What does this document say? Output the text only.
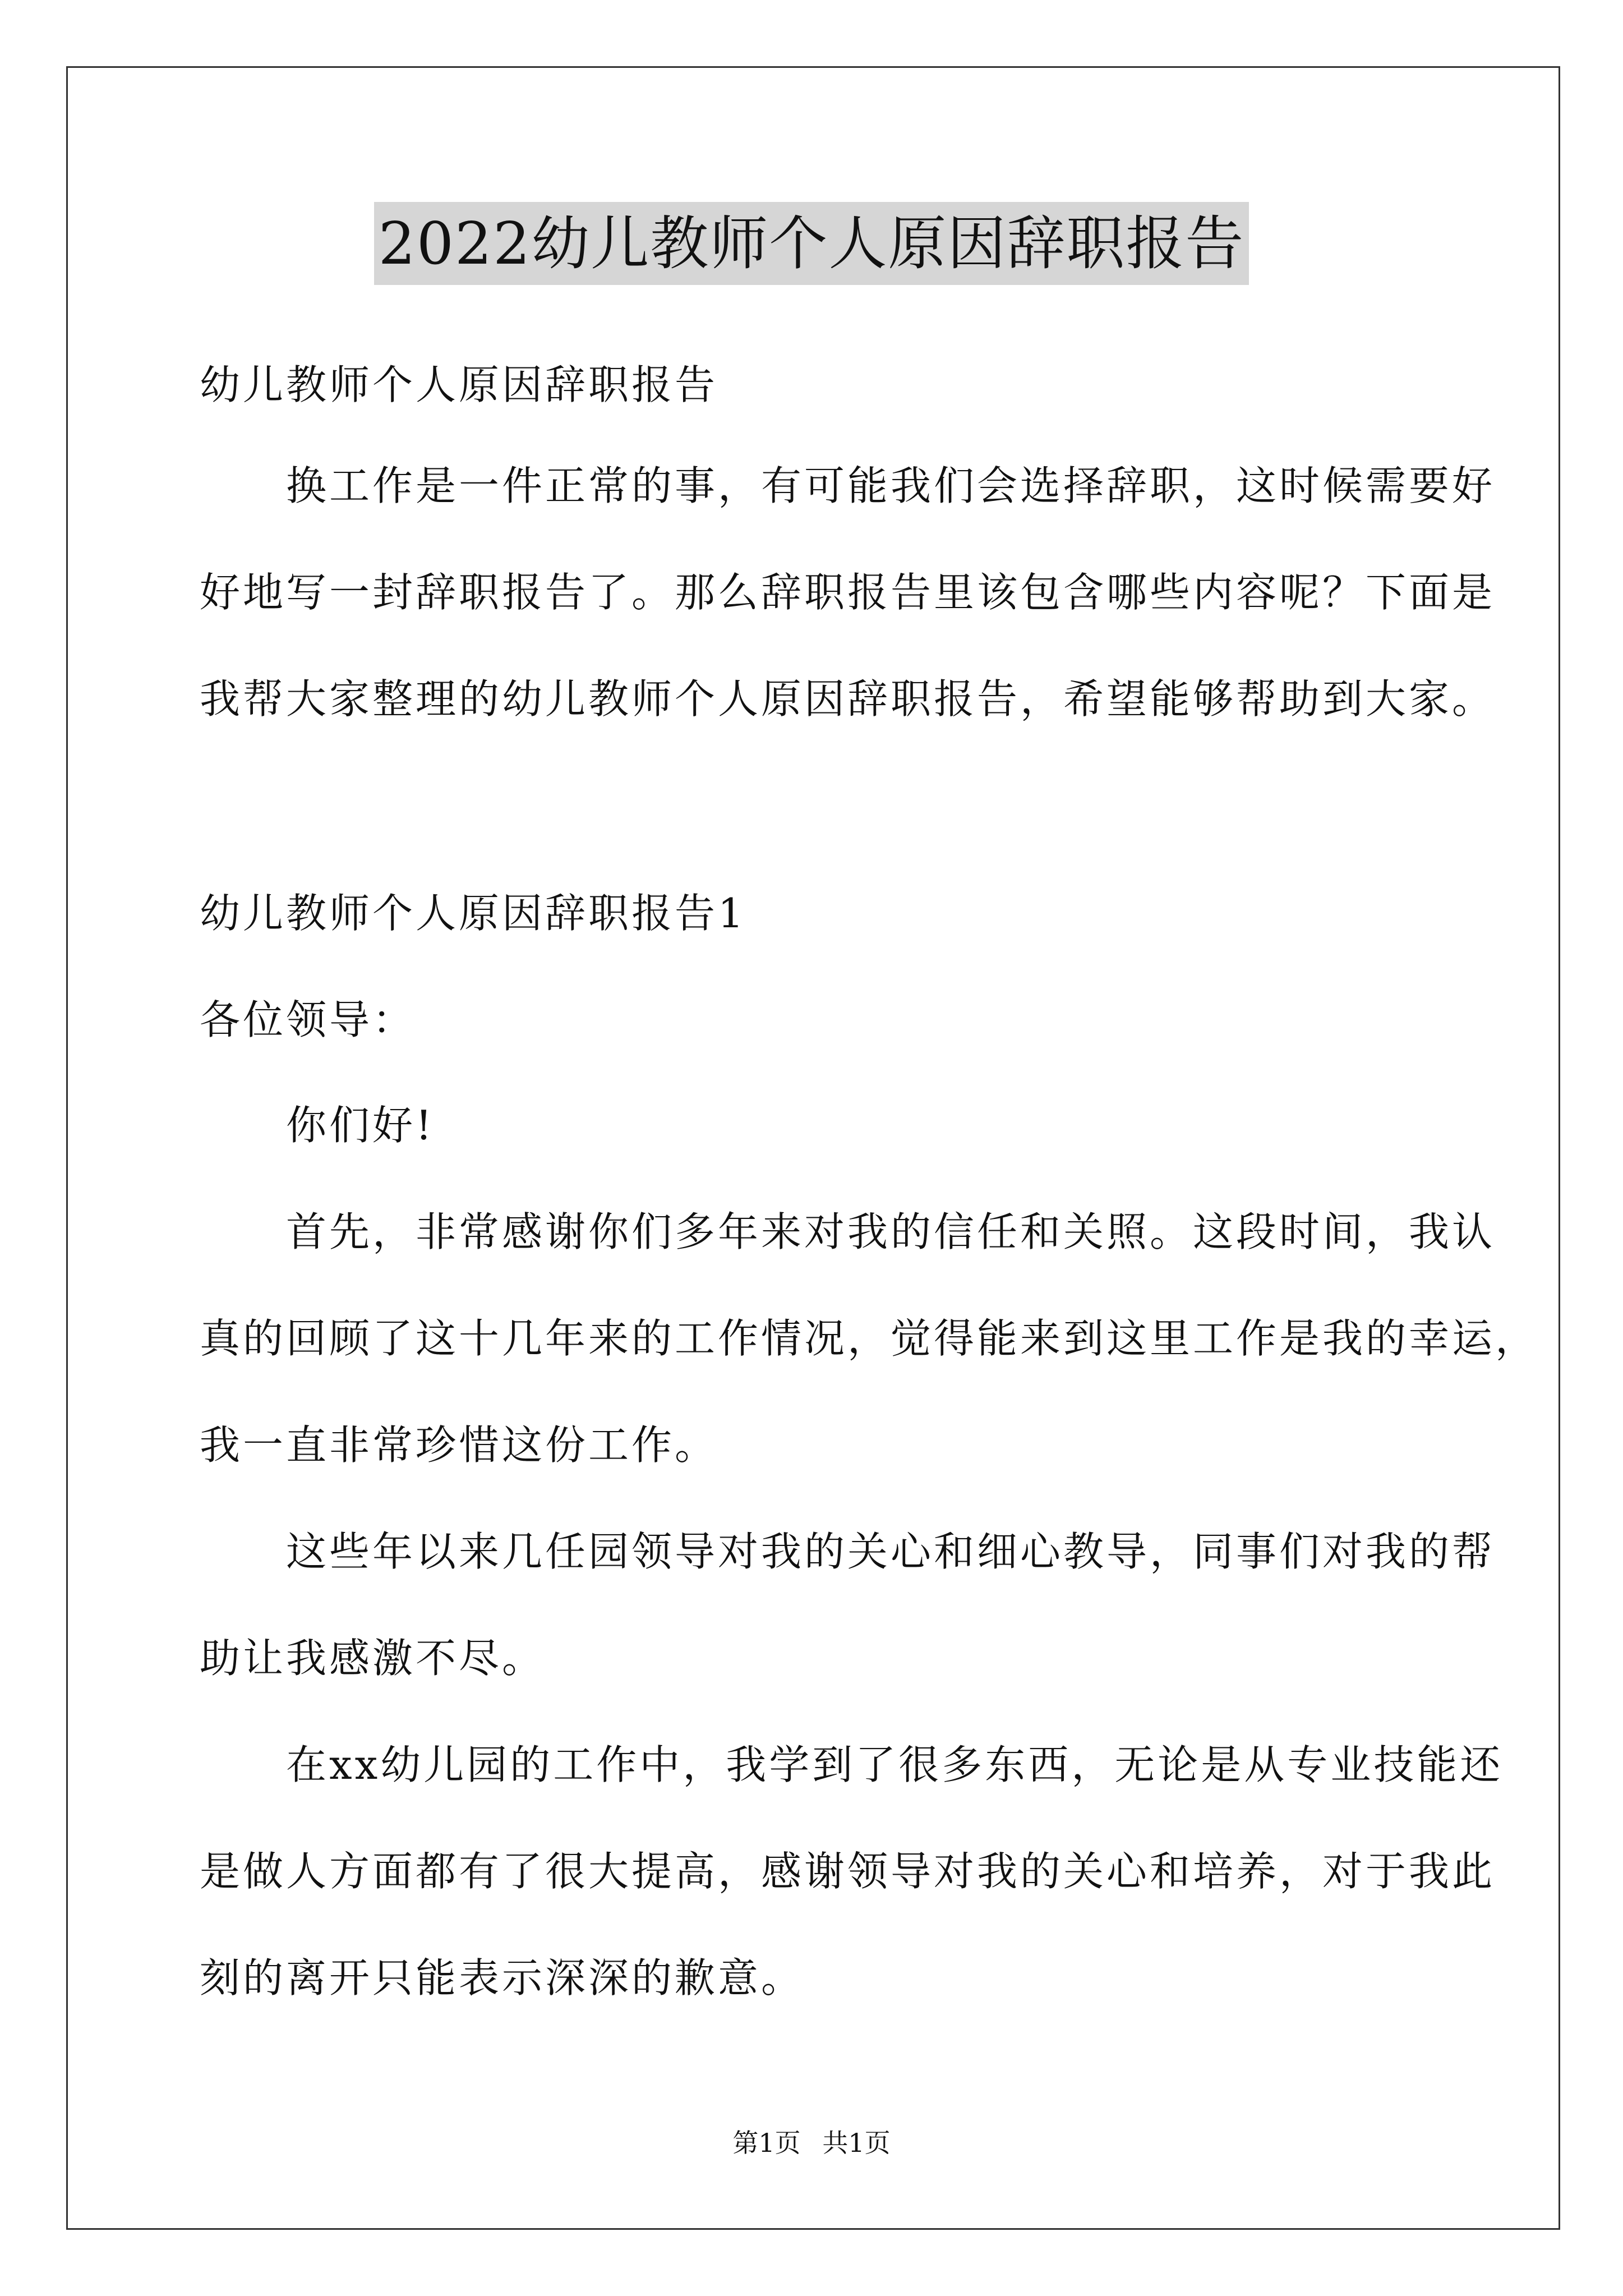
2022幼儿教师个人原因辞职报告
幼儿教师个人原因辞职报告
　　换工作是一件正常的事，有可能我们会选择辞职，这时候需要好
好地写一封辞职报告了。那么辞职报告里该包含哪些内容呢？下面是
我帮大家整理的幼儿教师个人原因辞职报告，希望能够帮助到大家。
幼儿教师个人原因辞职报告1
各位领导：
　　你们好!
　　首先，非常感谢你们多年来对我的信任和关照。这段时间，我认
真的回顾了这十几年来的工作情况，觉得能来到这里工作是我的幸运，
我一直非常珍惜这份工作。
　　这些年以来几任园领导对我的关心和细心教导，同事们对我的帮
助让我感激不尽。
　　在xx幼儿园的工作中，我学到了很多东西，无论是从专业技能还
是做人方面都有了很大提高，感谢领导对我的关心和培养，对于我此
刻的离开只能表示深深的歉意。
第1页 共1页
